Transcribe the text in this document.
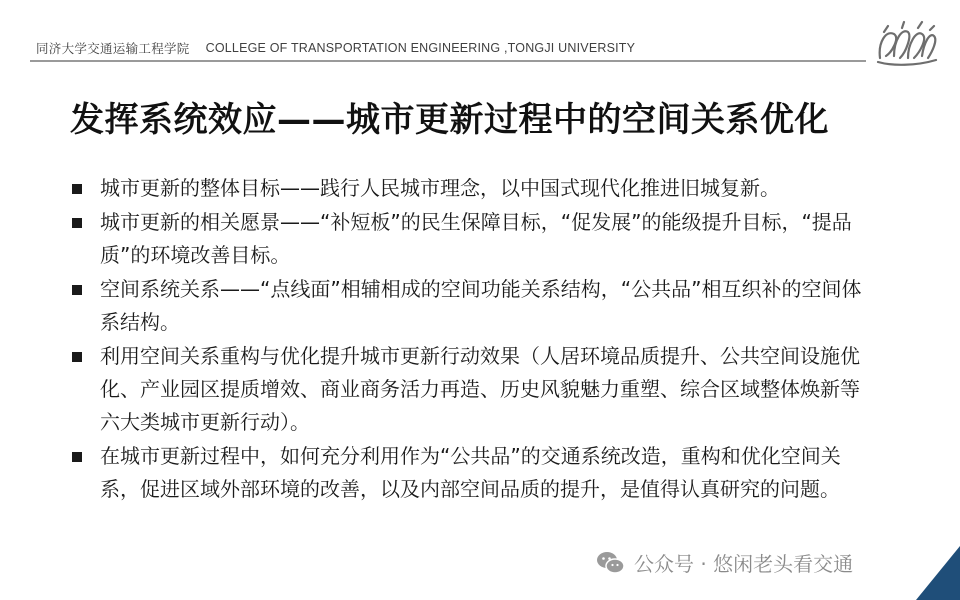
同济大学交通运输工程学院 COLLEGE OF TRANSPORTATION ENGINEERING ,TONGJI UNIVERSITY
发挥系统效应——城市更新过程中的空间关系优化
城市更新的整体目标——践行人民城市理念，以中国式现代化推进旧城复新。
城市更新的相关愿景——“补短板”的民生保障目标，“促发展”的能级提升目标，“提品质”的环境改善目标。
空间系统关系——“点线面”相辅相成的空间功能关系结构，“公共品”相互织补的空间体系结构。
利用空间关系重构与优化提升城市更新行动效果（人居环境品质提升、公共空间设施优化、产业园区提质增效、商业商务活力再造、历史风貌魅力重塑、综合区域整体焕新等六大类城市更新行动）。
在城市更新过程中，如何充分利用作为“公共品”的交通系统改造，重构和优化空间关系，促进区域外部环境的改善，以及内部空间品质的提升，是值得认真研究的问题。
公众号 · 悠闲老头看交通
